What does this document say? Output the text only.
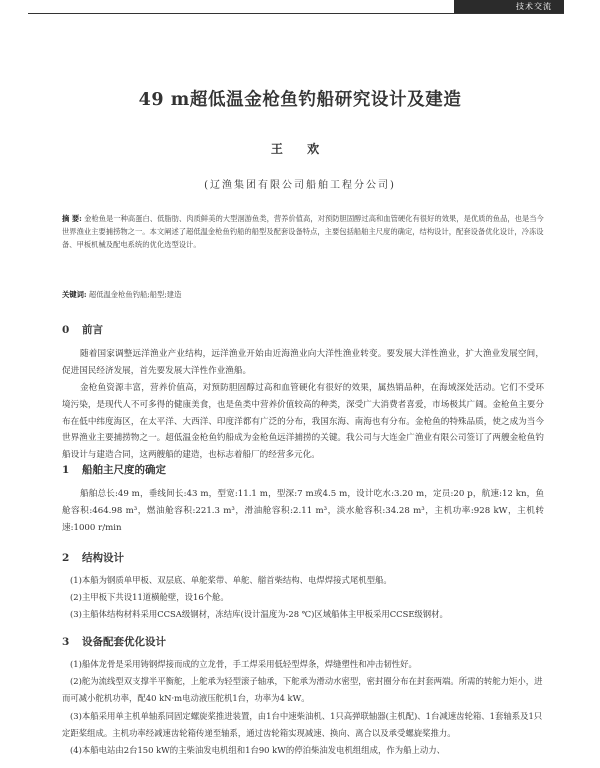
技术交流
49 m超低温金枪鱼钓船研究设计及建造
王 欢
(辽渔集团有限公司船舶工程分公司)
摘 要: 金枪鱼是一种高蛋白、低脂肪、肉质鲜美的大型洄游鱼类，营养价值高，对预防胆固醇过高和血管硬化有很好的效果，是优质的鱼品，也是当今世界渔业主要捕捞物之一。本文阐述了超低温金枪鱼钓船的船型及配套设备特点，主要包括船舶主尺度的确定，结构设计，配套设备优化设计，冷冻设备、甲板机械及配电系统的优化选型设计。
关键词: 超低温金枪鱼钓船;船型;建造
0 前言
随着国家调整远洋渔业产业结构，远洋渔业开始由近海渔业向大洋性渔业转变。要发展大洋性渔业，扩大渔业发展空间，促进国民经济发展，首先要发展大洋性作业渔船。
金枪鱼资源丰富，营养价值高，对预防胆固醇过高和血管硬化有很好的效果，属热销品种，在海域深处活动。它们不受环境污染，是现代人不可多得的健康美食，也是鱼类中营养价值较高的种类，深受广大消费者喜爱，市场极其广阔。金枪鱼主要分布在低中纬度海区，在太平洋、大西洋、印度洋都有广泛的分布，我国东海、南海也有分布。金枪鱼的特殊品质，使之成为当今世界渔业主要捕捞物之一。超低温金枪鱼钓船成为金枪鱼远洋捕捞的关键。我公司与大连金广渔业有限公司签订了两艘金枪鱼钓船设计与建造合同，这两艘船的建造，也标志着船厂的经营多元化。
1 船舶主尺度的确定
船舶总长:49 m，垂线间长:43 m，型宽:11.1 m，型深:7 m或4.5 m，设计吃水:3.20 m，定员:20 p，航速:12 kn，鱼舱容积:464.98 m³，燃油舱容积:221.3 m³，滑油舱容积:2.11 m³，淡水舱容积:34.28 m³，主机功率:928 kW，主机转速:1000 r/min
2 结构设计

(1)本船为钢质单甲板、双层底、单舵桨带、单舵、艏首柴结构、电焊焊接式尾机型船。

(2)主甲板下共设11道横舱壁，设16个舱。

(3)主船体结构材料采用CCSA级钢材，冻结库(设计温度为-28 ℃)区域船体主甲板采用CCSE级钢材。

3 设备配套优化设计

(1)船体龙骨是采用铸钢焊接而成的立龙骨，手工焊采用低轻型焊条，焊缝塑性和冲击韧性好。

(2)舵为流线型双支撑半平衡舵，上舵承为轻型滚子轴承，下舵承为滑动水密型，密封圈分布在封套两端。所需的转舵力矩小，进而可减小舵机功率，配40 kN·m电动液压舵机1台，功率为4 kW。

(3)本船采用单主机单轴系同固定螺旋桨推进装置，由1台中速柴油机、1只高弹联轴器(主机配)、1台减速齿轮箱、1套轴系及1只定距桨组成。主机功率经减速齿轮箱传递至轴系，通过齿轮箱实现减速、换向、离合以及承受螺旋桨推力。

(4)本船电站由2台150 kW的主柴油发电机组和1台90 kW的停泊柴油发电机组组成，作为船上动力、
